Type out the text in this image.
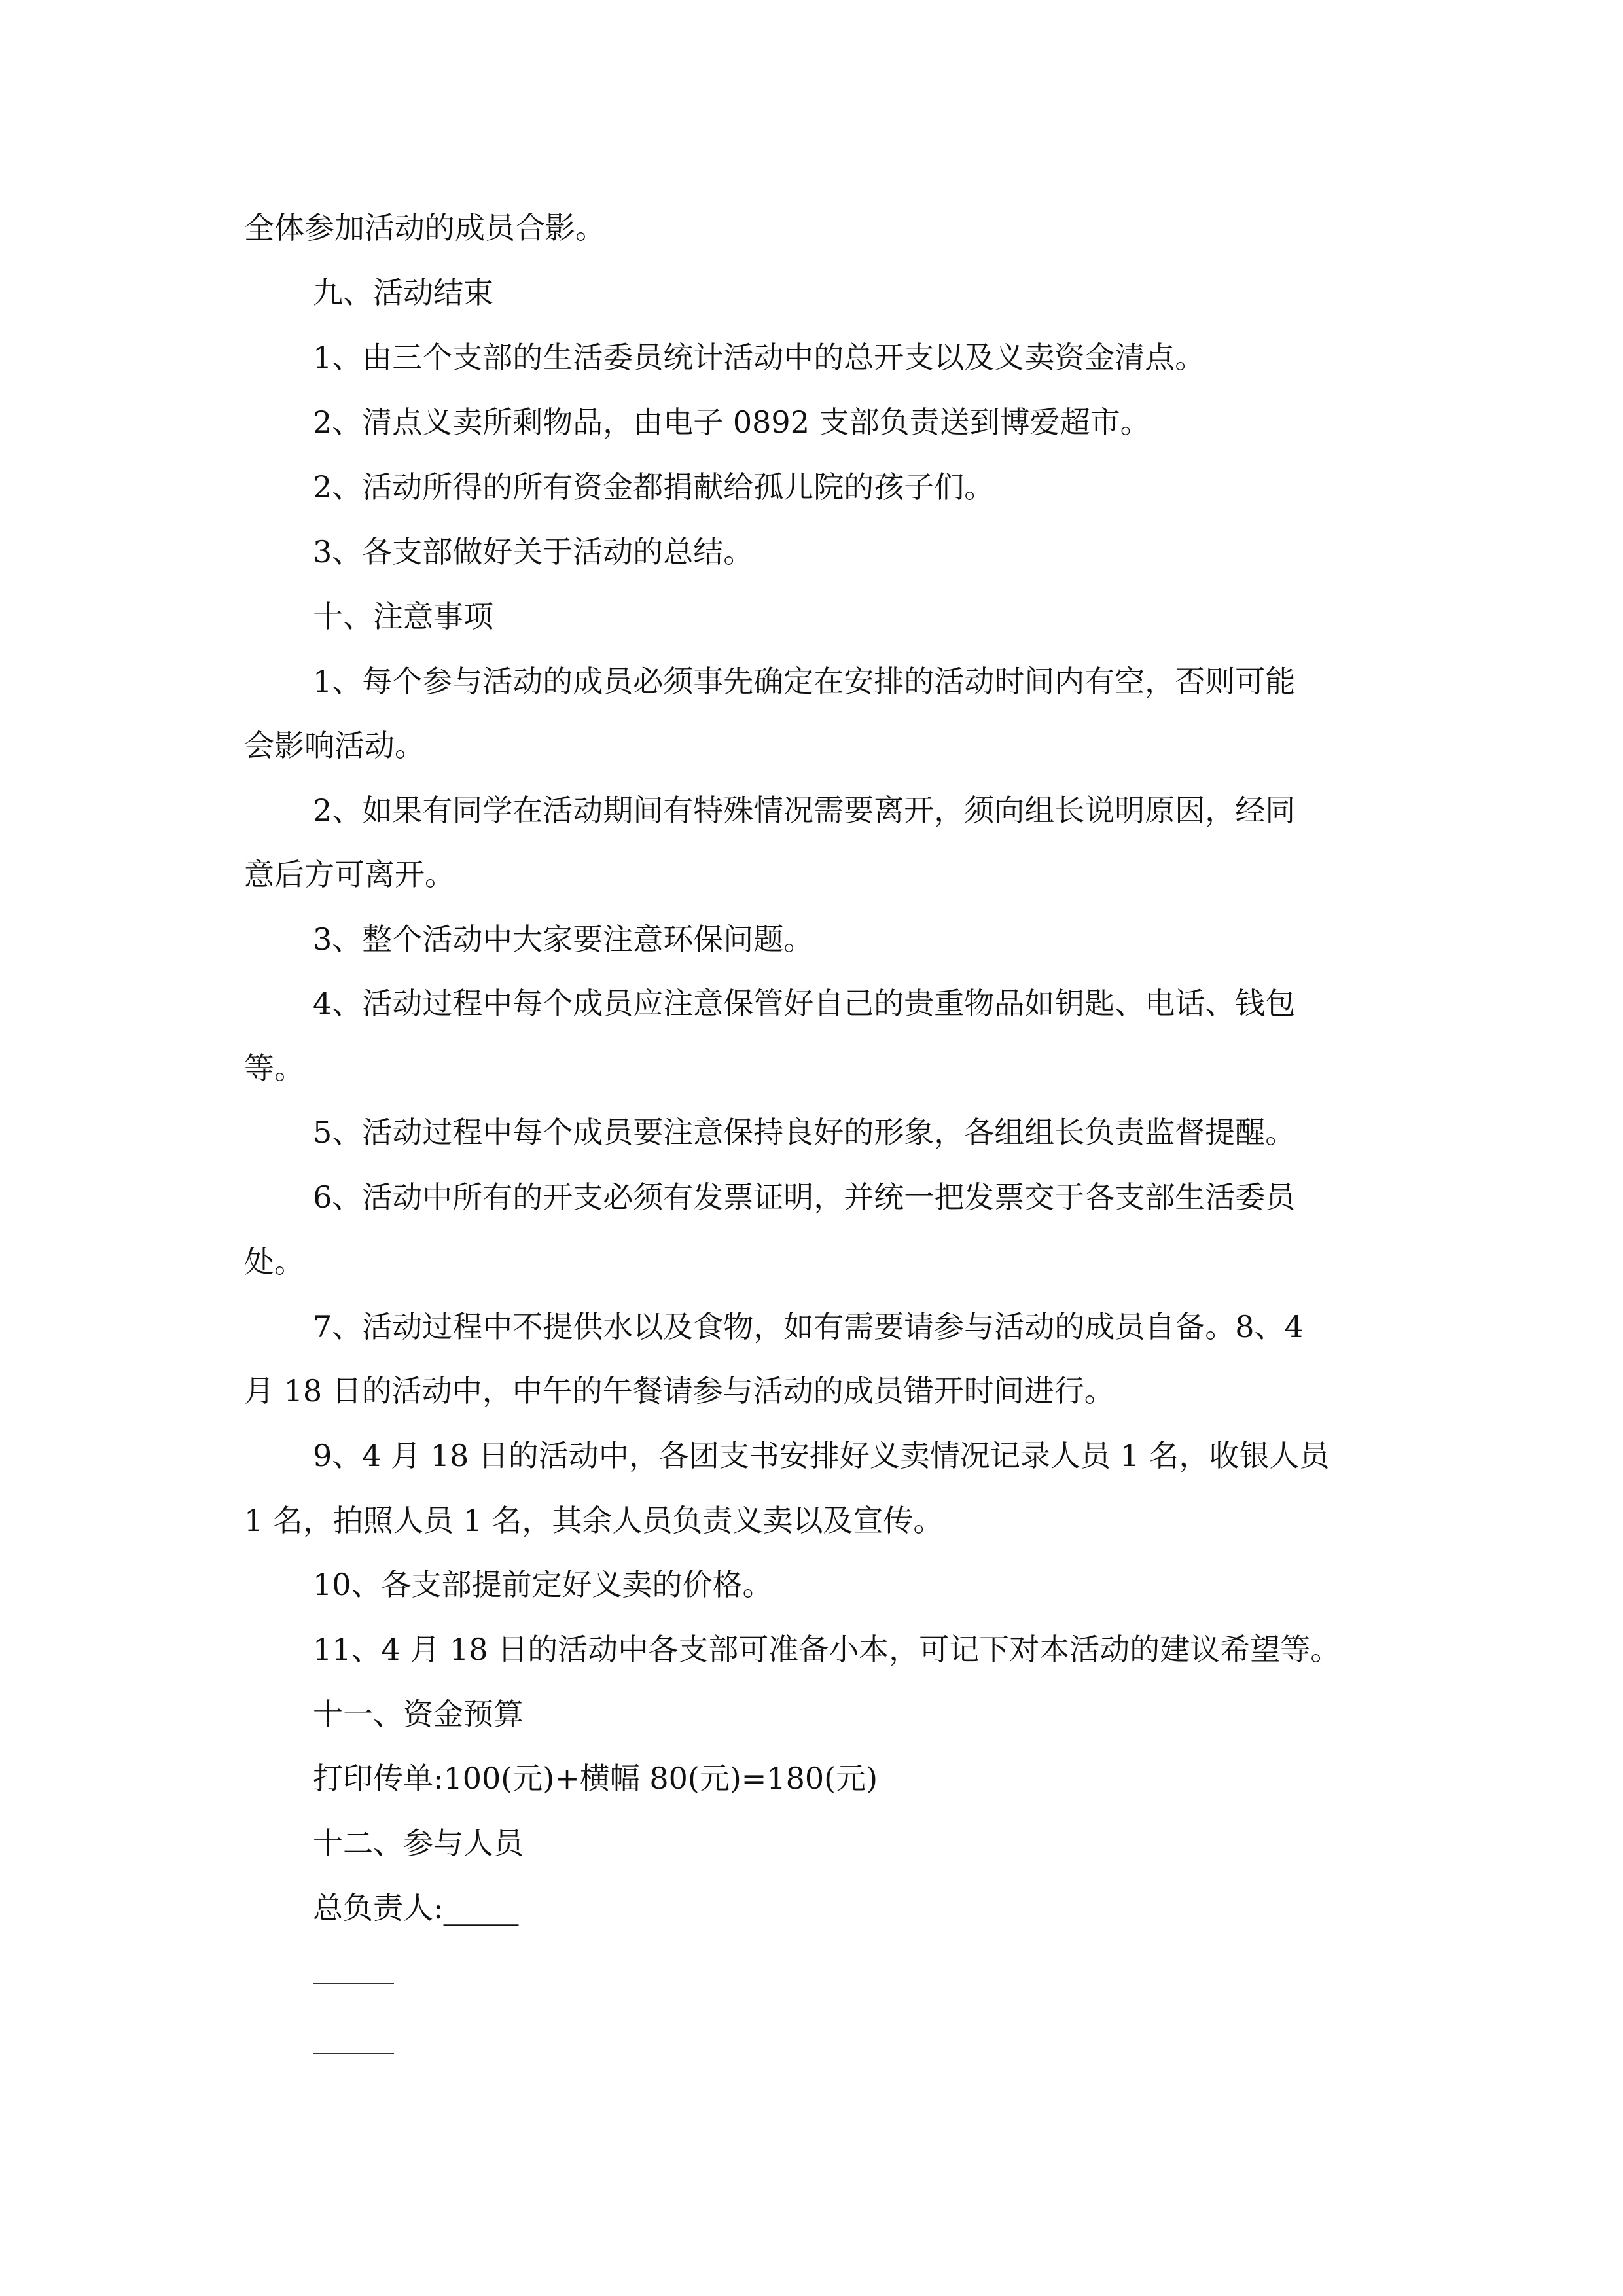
全体参加活动的成员合影。
九、活动结束
1、由三个支部的生活委员统计活动中的总开支以及义卖资金清点。
2、清点义卖所剩物品，由电子 0892 支部负责送到博爱超市。
2、活动所得的所有资金都捐献给孤儿院的孩子们。
3、各支部做好关于活动的总结。
十、注意事项
1、每个参与活动的成员必须事先确定在安排的活动时间内有空，否则可能
会影响活动。
2、如果有同学在活动期间有特殊情况需要离开，须向组长说明原因，经同
意后方可离开。
3、整个活动中大家要注意环保问题。
4、活动过程中每个成员应注意保管好自己的贵重物品如钥匙、电话、钱包
等。
5、活动过程中每个成员要注意保持良好的形象，各组组长负责监督提醒。
6、活动中所有的开支必须有发票证明，并统一把发票交于各支部生活委员
处。
7、活动过程中不提供水以及食物，如有需要请参与活动的成员自备。8、4
月 18 日的活动中，中午的午餐请参与活动的成员错开时间进行。
9、4 月 18 日的活动中，各团支书安排好义卖情况记录人员 1 名，收银人员
1 名，拍照人员 1 名，其余人员负责义卖以及宣传。
10、各支部提前定好义卖的价格。
11、4 月 18 日的活动中各支部可准备小本，可记下对本活动的建议希望等。
十一、资金预算
打印传单:100(元)+横幅 80(元)=180(元)
十二、参与人员
总负责人:_____
